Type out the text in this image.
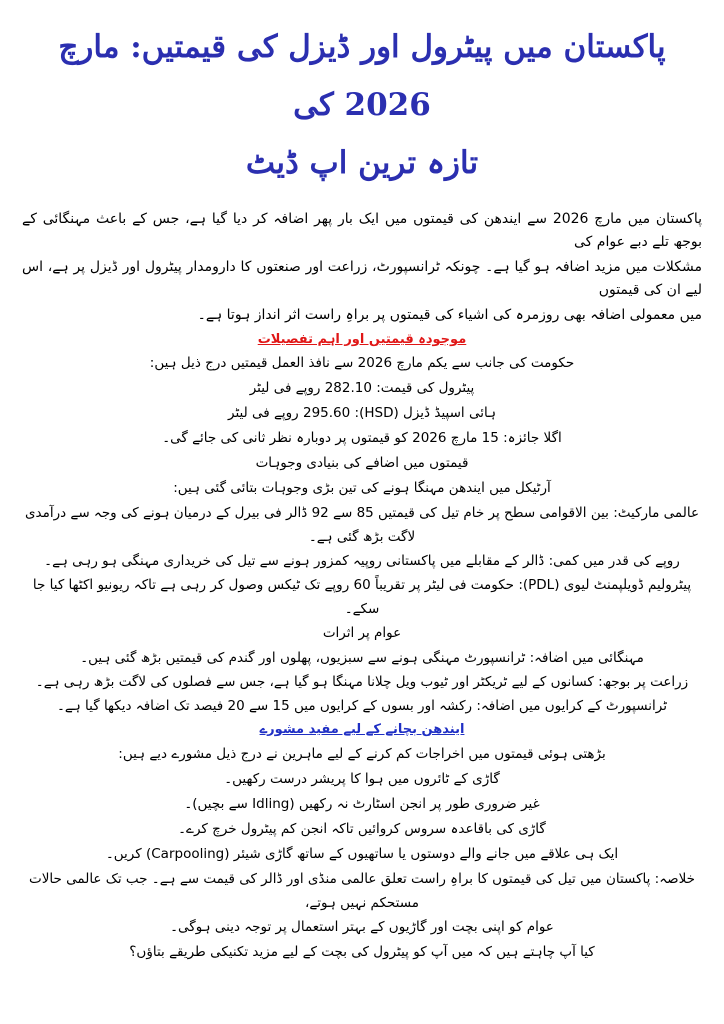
پاکستان میں پیٹرول اور ڈیزل کی قیمتیں: مارچ 2026 کی
تازہ ترین اپ ڈیٹ

پاکستان میں مارچ 2026 سے ایندھن کی قیمتوں میں ایک بار پھر اضافہ کر دیا گیا ہے، جس کے باعث مہنگائی کے بوجھ تلے دبے عوام کی

مشکلات میں مزید اضافہ ہو گیا ہے۔ چونکہ ٹرانسپورٹ، زراعت اور صنعتوں کا دارومدار پیٹرول اور ڈیزل پر ہے، اس لیے ان کی قیمتوں

میں معمولی اضافہ بھی روزمرہ کی اشیاء کی قیمتوں پر براہِ راست اثر انداز ہوتا ہے۔

موجودہ قیمتیں اور اہم تفصیلات

حکومت کی جانب سے یکم مارچ 2026 سے نافذ العمل قیمتیں درج ذیل ہیں:

پیٹرول کی قیمت: 282.10 روپے فی لیٹر

ہائی اسپیڈ ڈیزل (HSD): 295.60 روپے فی لیٹر

اگلا جائزہ: 15 مارچ 2026 کو قیمتوں پر دوبارہ نظر ثانی کی جائے گی۔

قیمتوں میں اضافے کی بنیادی وجوہات

آرٹیکل میں ایندھن مہنگا ہونے کی تین بڑی وجوہات بتائی گئی ہیں:

عالمی مارکیٹ: بین الاقوامی سطح پر خام تیل کی قیمتیں 85 سے 92 ڈالر فی بیرل کے درمیان ہونے کی وجہ سے درآمدی لاگت بڑھ گئی ہے۔

روپے کی قدر میں کمی: ڈالر کے مقابلے میں پاکستانی روپیہ کمزور ہونے سے تیل کی خریداری مہنگی ہو رہی ہے۔

پیٹرولیم ڈویلپمنٹ لیوی (PDL): حکومت فی لیٹر پر تقریباً 60 روپے تک ٹیکس وصول کر رہی ہے تاکہ ریونیو اکٹھا کیا جا سکے۔

عوام پر اثرات

مہنگائی میں اضافہ: ٹرانسپورٹ مہنگی ہونے سے سبزیوں، پھلوں اور گندم کی قیمتیں بڑھ گئی ہیں۔

زراعت پر بوجھ: کسانوں کے لیے ٹریکٹر اور ٹیوب ویل چلانا مہنگا ہو گیا ہے، جس سے فصلوں کی لاگت بڑھ رہی ہے۔

ٹرانسپورٹ کے کرایوں میں اضافہ: رکشہ اور بسوں کے کرایوں میں 15 سے 20 فیصد تک اضافہ دیکھا گیا ہے۔

ایندھن بچانے کے لیے مفید مشورے

بڑھتی ہوئی قیمتوں میں اخراجات کم کرنے کے لیے ماہرین نے درج ذیل مشورے دیے ہیں:

گاڑی کے ٹائروں میں ہوا کا پریشر درست رکھیں۔

غیر ضروری طور پر انجن اسٹارٹ نہ رکھیں (Idling سے بچیں)۔

گاڑی کی باقاعدہ سروس کروائیں تاکہ انجن کم پیٹرول خرچ کرے۔

ایک ہی علاقے میں جانے والے دوستوں یا ساتھیوں کے ساتھ گاڑی شیئر (Carpooling) کریں۔

خلاصہ: پاکستان میں تیل کی قیمتوں کا براہِ راست تعلق عالمی منڈی اور ڈالر کی قیمت سے ہے۔ جب تک عالمی حالات مستحکم نہیں ہوتے،

عوام کو اپنی بچت اور گاڑیوں کے بہتر استعمال پر توجہ دینی ہوگی۔

کیا آپ چاہتے ہیں کہ میں آپ کو پیٹرول کی بچت کے لیے مزید تکنیکی طریقے بتاؤں؟
